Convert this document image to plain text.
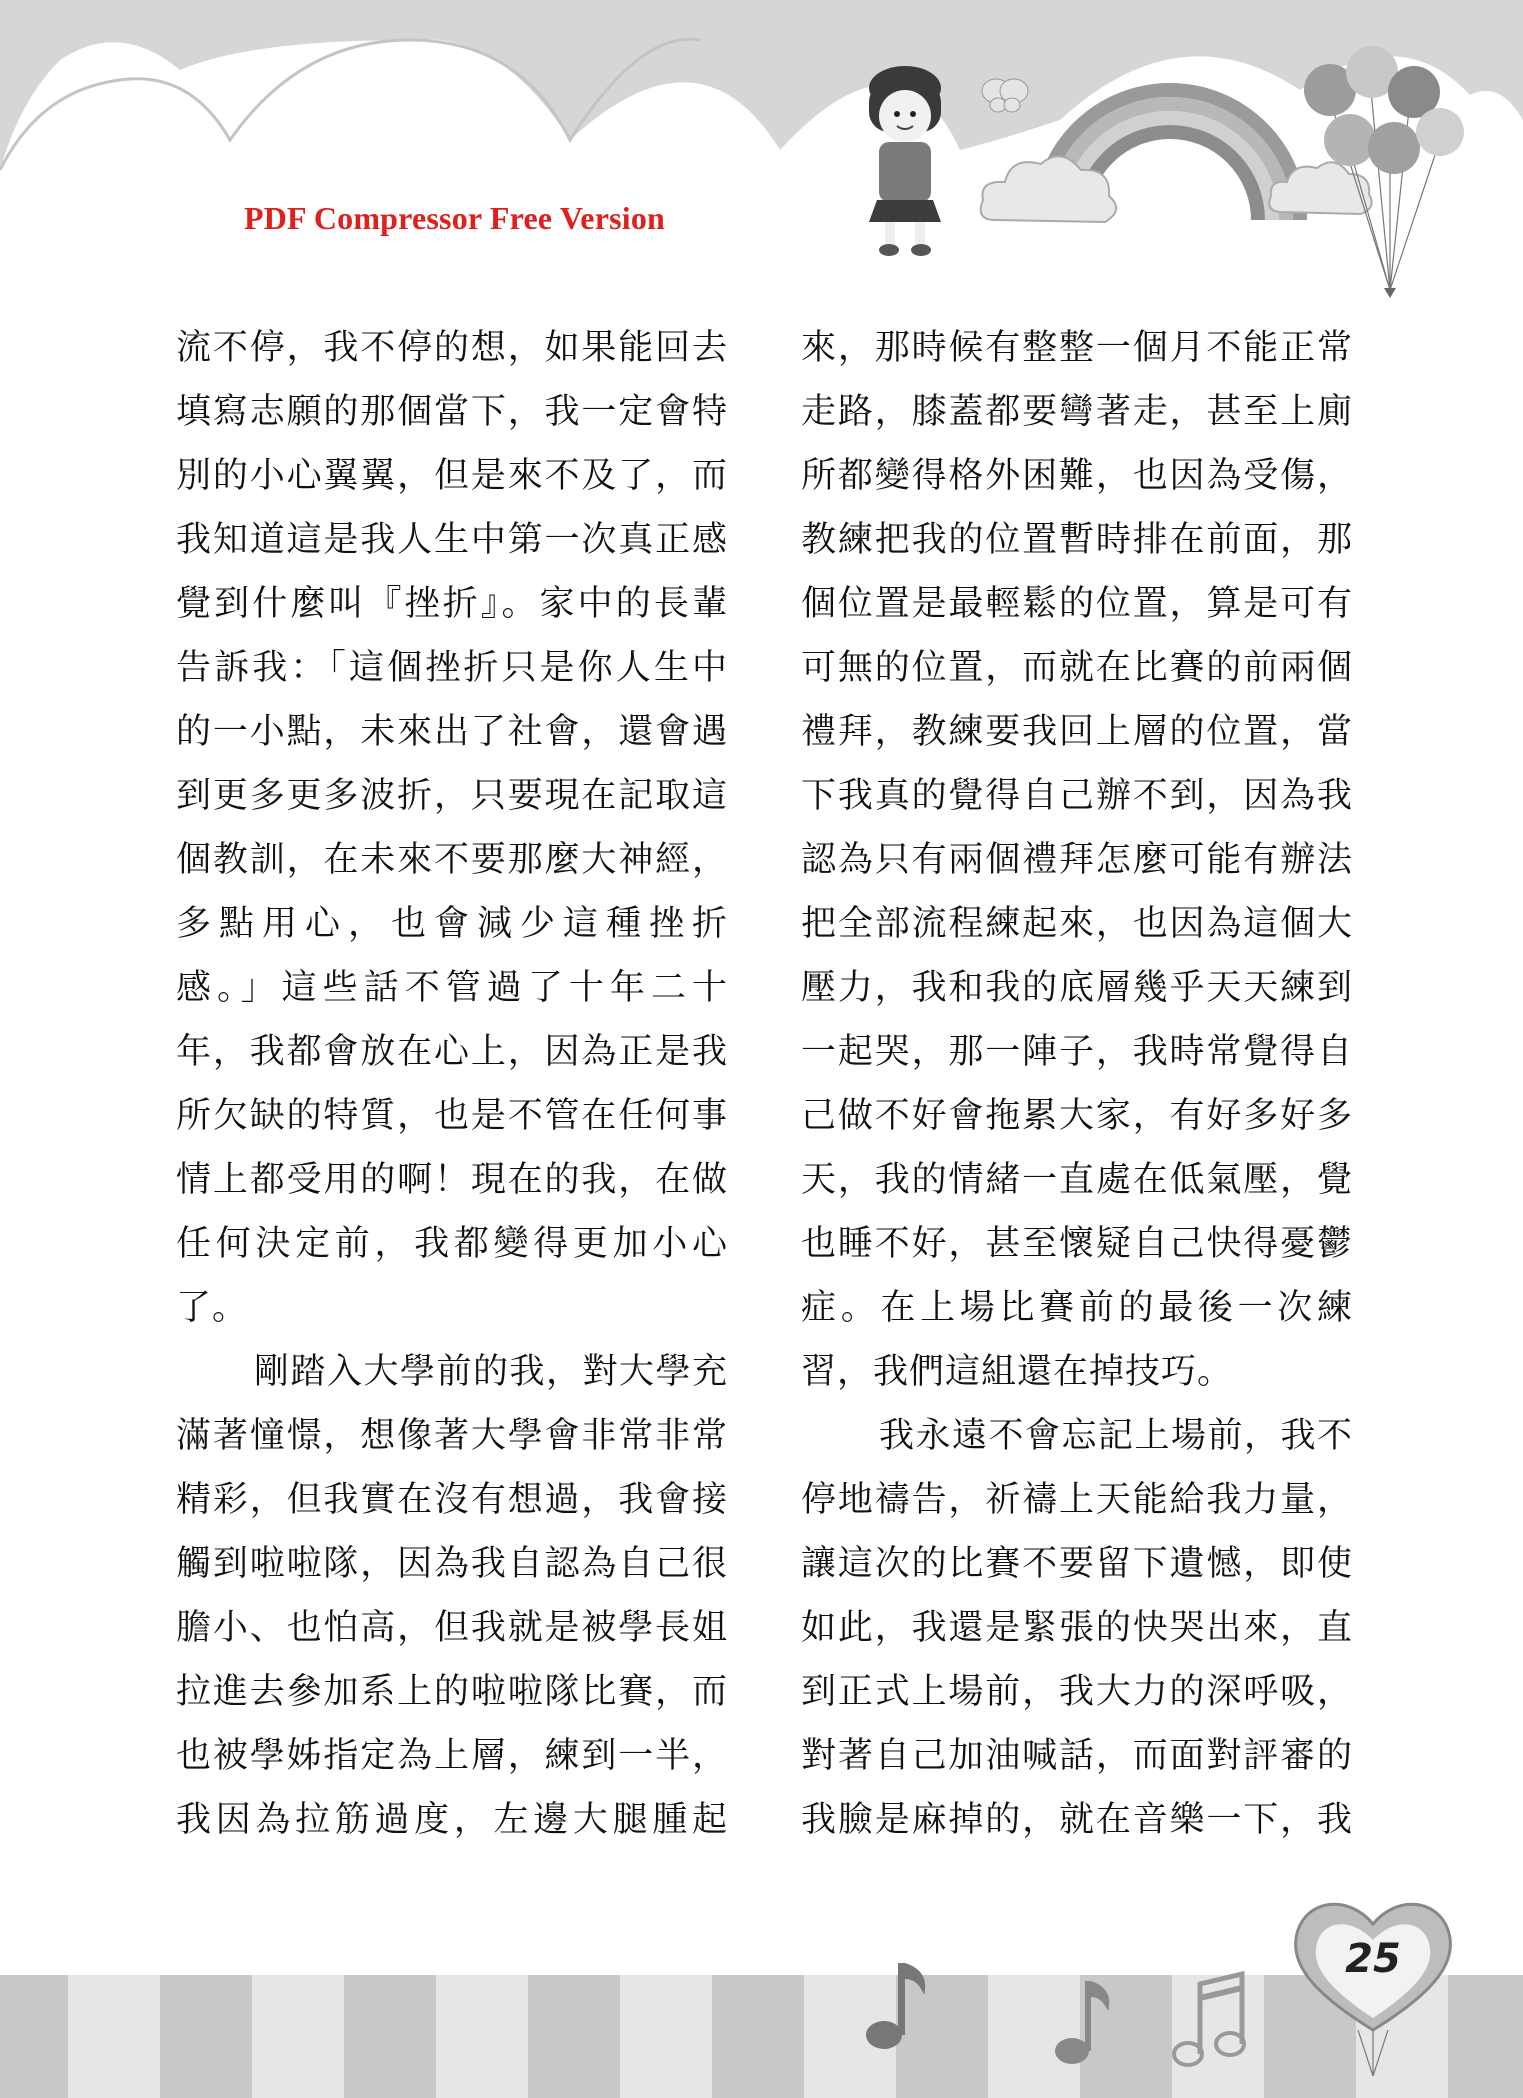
PDF Compressor Free Version
流不停，我不停的想，如果能回去
填寫志願的那個當下，我一定會特
別的小心翼翼，但是來不及了，而
我知道這是我人生中第一次真正感
覺到什麼叫『挫折』。家中的長輩
告訴我：「這個挫折只是你人生中
的一小點，未來出了社會，還會遇
到更多更多波折，只要現在記取這
個教訓，在未來不要那麼大神經，
多點用心，也會減少這種挫折
感。」這些話不管過了十年二十
年，我都會放在心上，因為正是我
所欠缺的特質，也是不管在任何事
情上都受用的啊！現在的我，在做
任何決定前，我都變得更加小心
了。
剛踏入大學前的我，對大學充
滿著憧憬，想像著大學會非常非常
精彩，但我實在沒有想過，我會接
觸到啦啦隊，因為我自認為自己很
膽小、也怕高，但我就是被學長姐
拉進去參加系上的啦啦隊比賽，而
也被學姊指定為上層，練到一半，
我因為拉筋過度，左邊大腿腫起
來，那時候有整整一個月不能正常
走路，膝蓋都要彎著走，甚至上廁
所都變得格外困難，也因為受傷，
教練把我的位置暫時排在前面，那
個位置是最輕鬆的位置，算是可有
可無的位置，而就在比賽的前兩個
禮拜，教練要我回上層的位置，當
下我真的覺得自己辦不到，因為我
認為只有兩個禮拜怎麼可能有辦法
把全部流程練起來，也因為這個大
壓力，我和我的底層幾乎天天練到
一起哭，那一陣子，我時常覺得自
己做不好會拖累大家，有好多好多
天，我的情緒一直處在低氣壓，覺
也睡不好，甚至懷疑自己快得憂鬱
症。在上場比賽前的最後一次練
習，我們這組還在掉技巧。
我永遠不會忘記上場前，我不
停地禱告，祈禱上天能給我力量，
讓這次的比賽不要留下遺憾，即使
如此，我還是緊張的快哭出來，直
到正式上場前，我大力的深呼吸，
對著自己加油喊話，而面對評審的
我臉是麻掉的，就在音樂一下，我
25
